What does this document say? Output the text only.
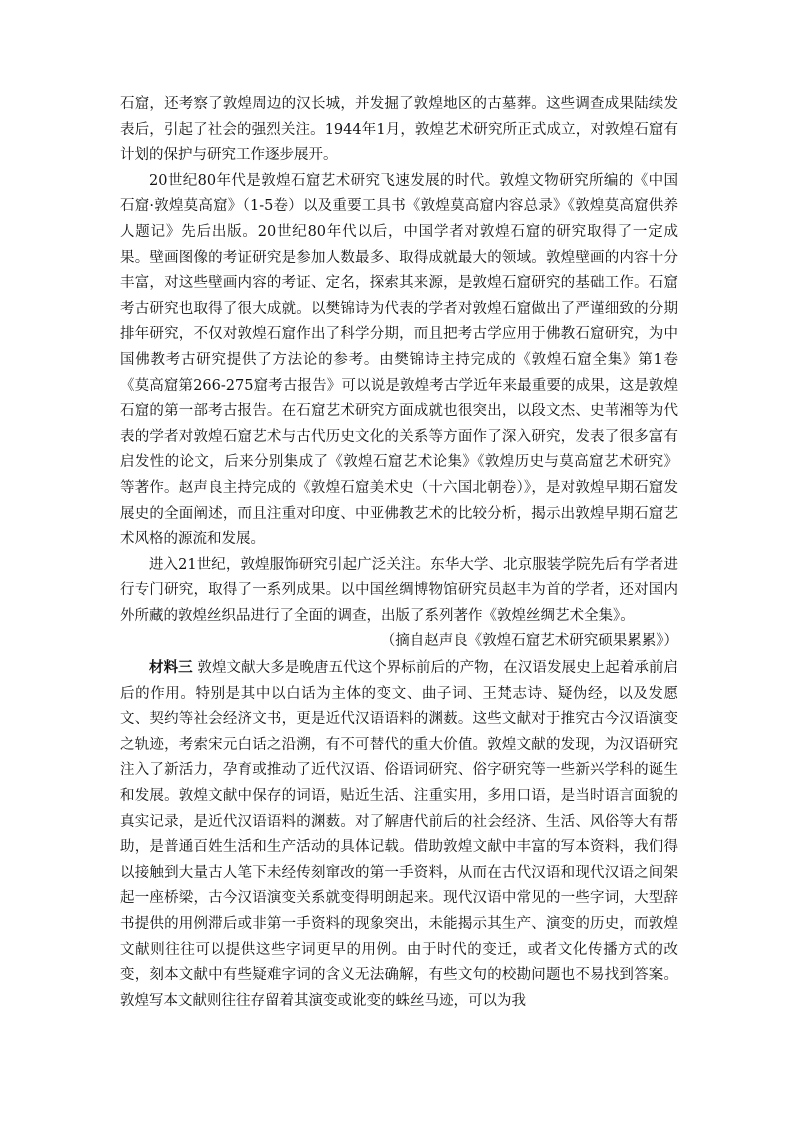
石窟，还考察了敦煌周边的汉长城，并发掘了敦煌地区的古墓葬。这些调查成果陆续发表后，引起了社会的强烈关注。1944年1月，敦煌艺术研究所正式成立，对敦煌石窟有计划的保护与研究工作逐步展开。

20世纪80年代是敦煌石窟艺术研究飞速发展的时代。敦煌文物研究所编的《中国石窟·敦煌莫高窟》（1-5卷）以及重要工具书《敦煌莫高窟内容总录》《敦煌莫高窟供养人题记》先后出版。20世纪80年代以后，中国学者对敦煌石窟的研究取得了一定成果。壁画图像的考证研究是参加人数最多、取得成就最大的领域。敦煌壁画的内容十分丰富，对这些壁画内容的考证、定名，探索其来源，是敦煌石窟研究的基础工作。石窟考古研究也取得了很大成就。以樊锦诗为代表的学者对敦煌石窟做出了严谨细致的分期排年研究，不仅对敦煌石窟作出了科学分期，而且把考古学应用于佛教石窟研究，为中国佛教考古研究提供了方法论的参考。由樊锦诗主持完成的《敦煌石窟全集》第1卷《莫高窟第266-275窟考古报告》可以说是敦煌考古学近年来最重要的成果，这是敦煌石窟的第一部考古报告。在石窟艺术研究方面成就也很突出，以段文杰、史苇湘等为代表的学者对敦煌石窟艺术与古代历史文化的关系等方面作了深入研究，发表了很多富有启发性的论文，后来分别集成了《敦煌石窟艺术论集》《敦煌历史与莫高窟艺术研究》等著作。赵声良主持完成的《敦煌石窟美术史（十六国北朝卷）》，是对敦煌早期石窟发展史的全面阐述，而且注重对印度、中亚佛教艺术的比较分析，揭示出敦煌早期石窟艺术风格的源流和发展。

进入21世纪，敦煌服饰研究引起广泛关注。东华大学、北京服装学院先后有学者进行专门研究，取得了一系列成果。以中国丝绸博物馆研究员赵丰为首的学者，还对国内外所藏的敦煌丝织品进行了全面的调查，出版了系列著作《敦煌丝绸艺术全集》。

（摘自赵声良《敦煌石窟艺术研究硕果累累》）

材料三 敦煌文献大多是晚唐五代这个界标前后的产物，在汉语发展史上起着承前启后的作用。特别是其中以白话为主体的变文、曲子词、王梵志诗、疑伪经，以及发愿文、契约等社会经济文书，更是近代汉语语料的渊薮。这些文献对于推究古今汉语演变之轨迹，考索宋元白话之沿溯，有不可替代的重大价值。敦煌文献的发现，为汉语研究注入了新活力，孕育或推动了近代汉语、俗语词研究、俗字研究等一些新兴学科的诞生和发展。敦煌文献中保存的词语，贴近生活、注重实用，多用口语，是当时语言面貌的真实记录，是近代汉语语料的渊薮。对了解唐代前后的社会经济、生活、风俗等大有帮助，是普通百姓生活和生产活动的具体记载。借助敦煌文献中丰富的写本资料，我们得以接触到大量古人笔下未经传刻窜改的第一手资料，从而在古代汉语和现代汉语之间架起一座桥梁，古今汉语演变关系就变得明朗起来。现代汉语中常见的一些字词，大型辞书提供的用例滞后或非第一手资料的现象突出，未能揭示其生产、演变的历史，而敦煌文献则往往可以提供这些字词更早的用例。由于时代的变迁，或者文化传播方式的改变，刻本文献中有些疑难字词的含义无法确解，有些文句的校勘问题也不易找到答案。敦煌写本文献则往往存留着其演变或讹变的蛛丝马迹，可以为我
